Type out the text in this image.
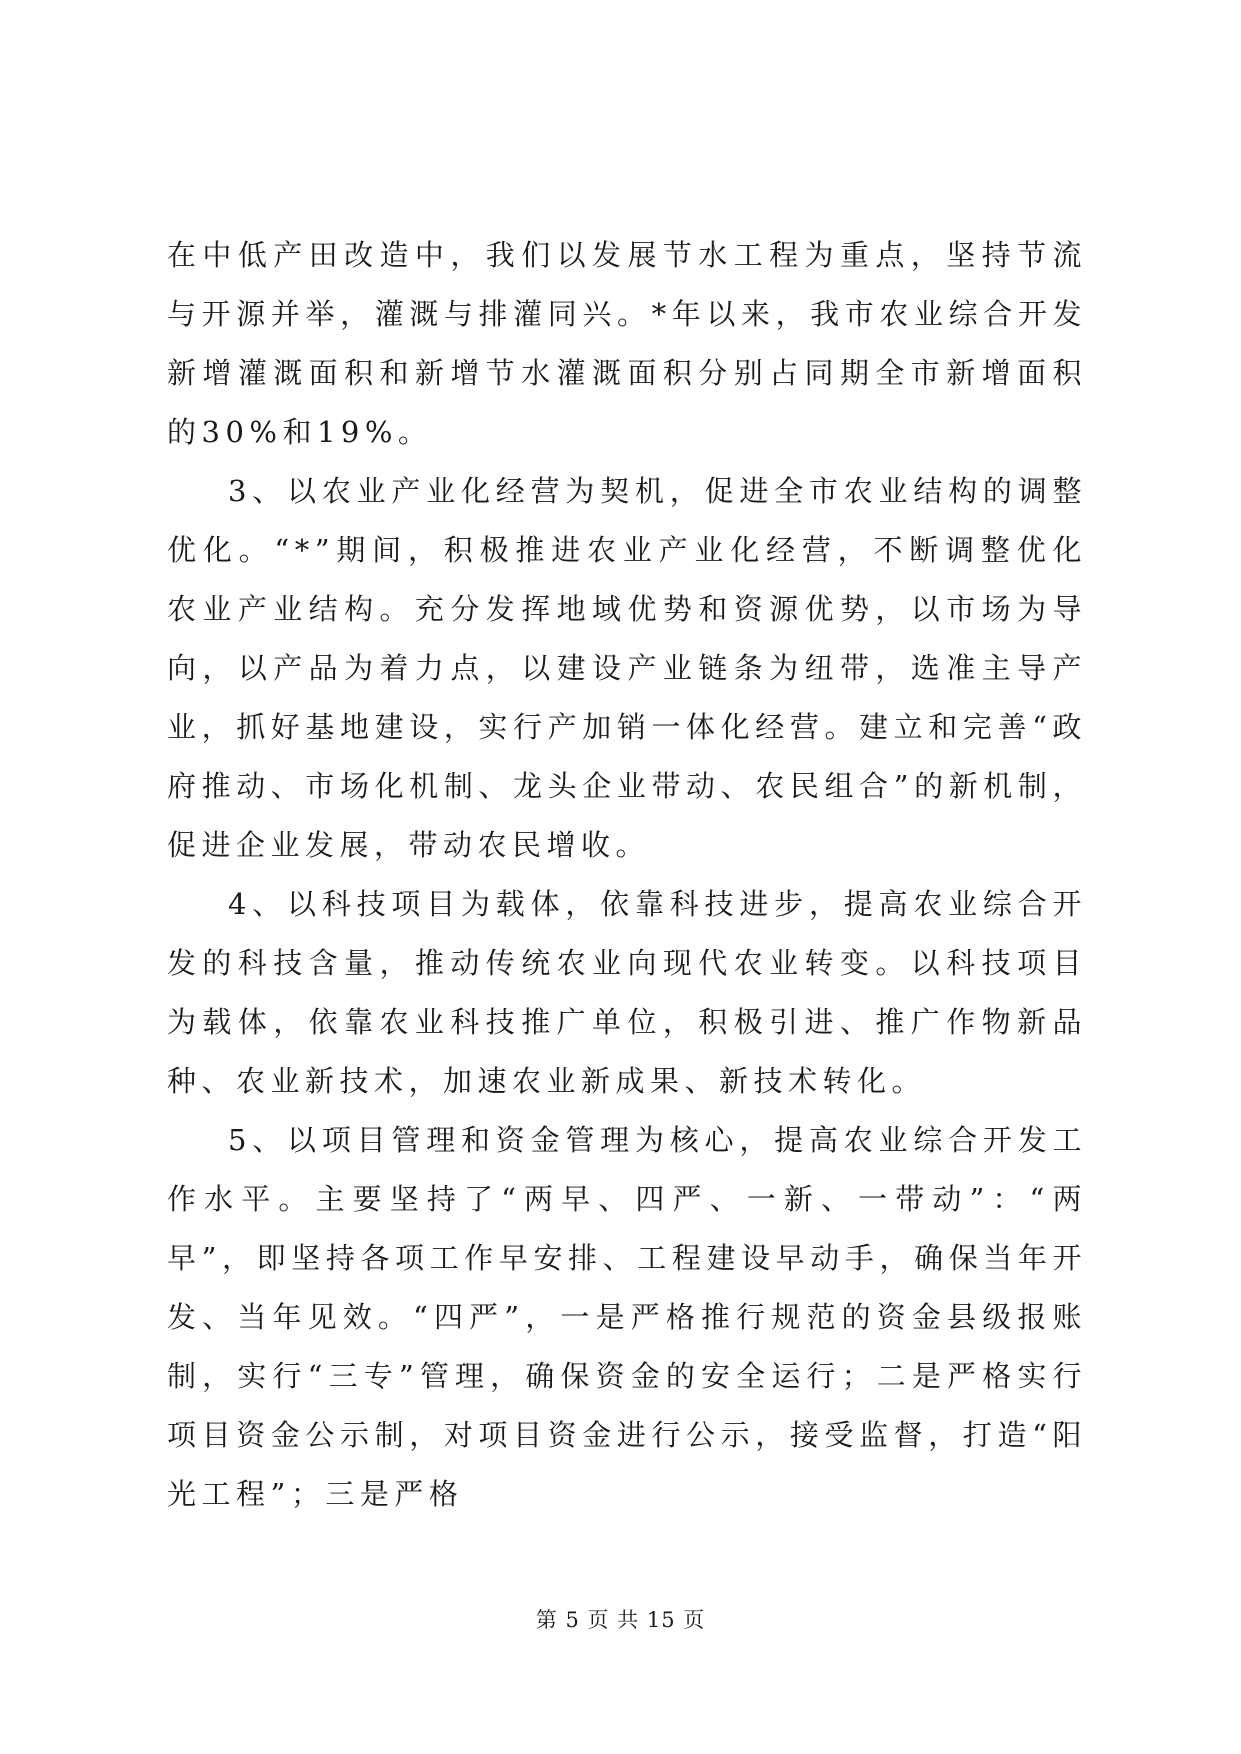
在中低产田改造中，我们以发展节水工程为重点，坚持节流与开源并举，灌溉与排灌同兴。*年以来，我市农业综合开发新增灌溉面积和新增节水灌溉面积分别占同期全市新增面积的30%和19%。

3、以农业产业化经营为契机，促进全市农业结构的调整优化。“*”期间，积极推进农业产业化经营，不断调整优化农业产业结构。充分发挥地域优势和资源优势，以市场为导向，以产品为着力点，以建设产业链条为纽带，选准主导产业，抓好基地建设，实行产加销一体化经营。建立和完善“政府推动、市场化机制、龙头企业带动、农民组合”的新机制，促进企业发展，带动农民增收。

4、以科技项目为载体，依靠科技进步，提高农业综合开发的科技含量，推动传统农业向现代农业转变。以科技项目为载体，依靠农业科技推广单位，积极引进、推广作物新品种、农业新技术，加速农业新成果、新技术转化。

5、以项目管理和资金管理为核心，提高农业综合开发工作水平。主要坚持了“两早、四严、一新、一带动”：“两早”，即坚持各项工作早安排、工程建设早动手，确保当年开发、当年见效。“四严”，一是严格推行规范的资金县级报账制，实行“三专”管理，确保资金的安全运行；二是严格实行项目资金公示制，对项目资金进行公示，接受监督，打造“阳光工程”；三是严格

第 5 页 共 15 页
